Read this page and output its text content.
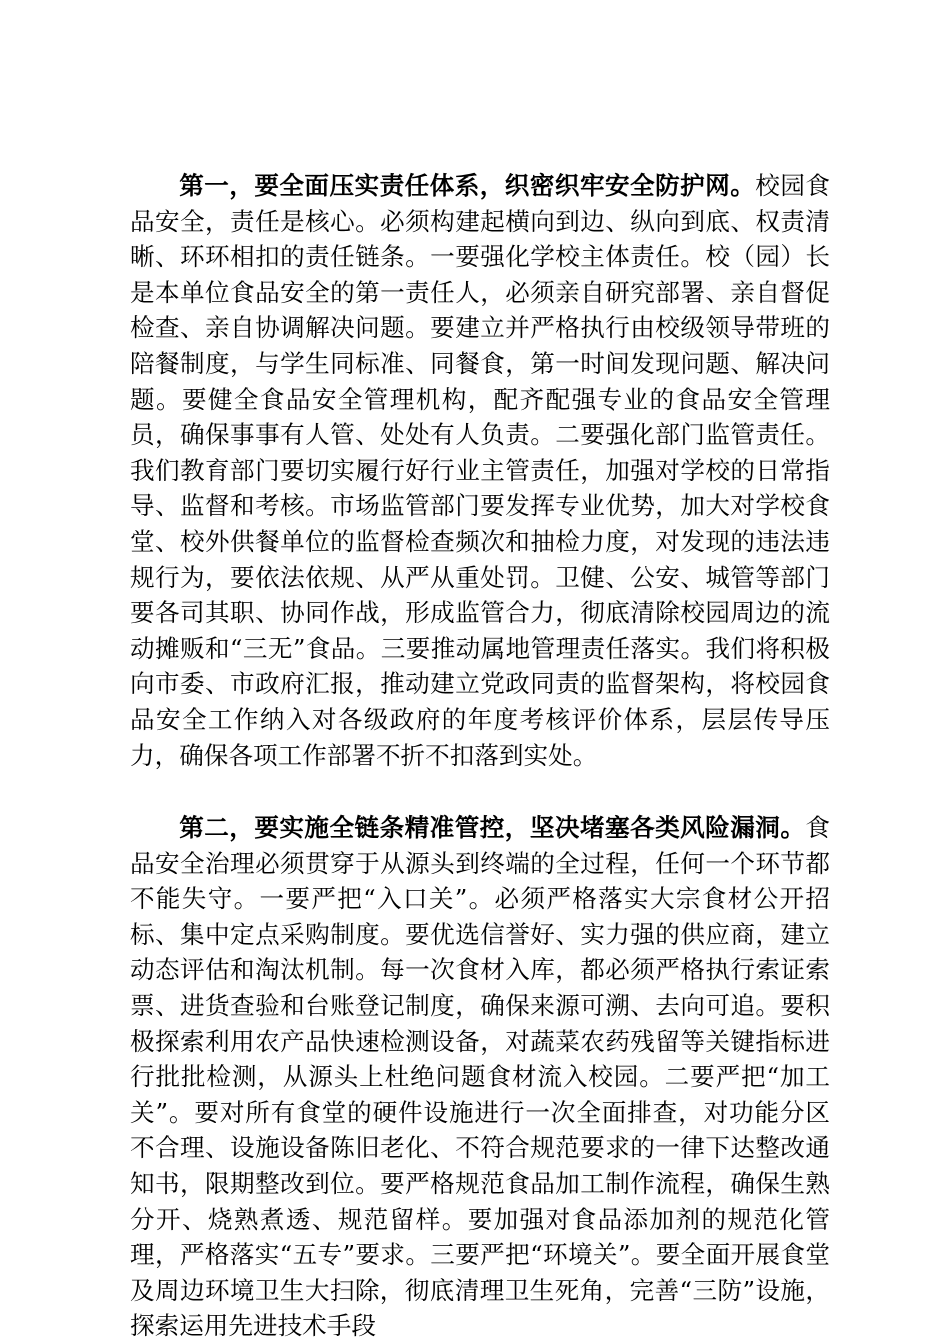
第一，要全面压实责任体系，织密织牢安全防护网。校园食品安全，责任是核心。必须构建起横向到边、纵向到底、权责清晰、环环相扣的责任链条。一要强化学校主体责任。校（园）长是本单位食品安全的第一责任人，必须亲自研究部署、亲自督促检查、亲自协调解决问题。要建立并严格执行由校级领导带班的陪餐制度，与学生同标准、同餐食，第一时间发现问题、解决问题。要健全食品安全管理机构，配齐配强专业的食品安全管理员，确保事事有人管、处处有人负责。二要强化部门监管责任。我们教育部门要切实履行好行业主管责任，加强对学校的日常指导、监督和考核。市场监管部门要发挥专业优势，加大对学校食堂、校外供餐单位的监督检查频次和抽检力度，对发现的违法违规行为，要依法依规、从严从重处罚。卫健、公安、城管等部门要各司其职、协同作战，形成监管合力，彻底清除校园周边的流动摊贩和“三无”食品。三要推动属地管理责任落实。我们将积极向市委、市政府汇报，推动建立党政同责的监督架构，将校园食品安全工作纳入对各级政府的年度考核评价体系，层层传导压力，确保各项工作部署不折不扣落到实处。

第二，要实施全链条精准管控，坚决堵塞各类风险漏洞。食品安全治理必须贯穿于从源头到终端的全过程，任何一个环节都不能失守。一要严把“入口关”。必须严格落实大宗食材公开招标、集中定点采购制度。要优选信誉好、实力强的供应商，建立动态评估和淘汰机制。每一次食材入库，都必须严格执行索证索票、进货查验和台账登记制度，确保来源可溯、去向可追。要积极探索利用农产品快速检测设备，对蔬菜农药残留等关键指标进行批批检测，从源头上杜绝问题食材流入校园。二要严把“加工关”。要对所有食堂的硬件设施进行一次全面排查，对功能分区不合理、设施设备陈旧老化、不符合规范要求的一律下达整改通知书，限期整改到位。要严格规范食品加工制作流程，确保生熟分开、烧熟煮透、规范留样。要加强对食品添加剂的规范化管理，严格落实“五专”要求。三要严把“环境关”。要全面开展食堂及周边环境卫生大扫除，彻底清理卫生死角，完善“三防”设施，探索运用先进技术手段
